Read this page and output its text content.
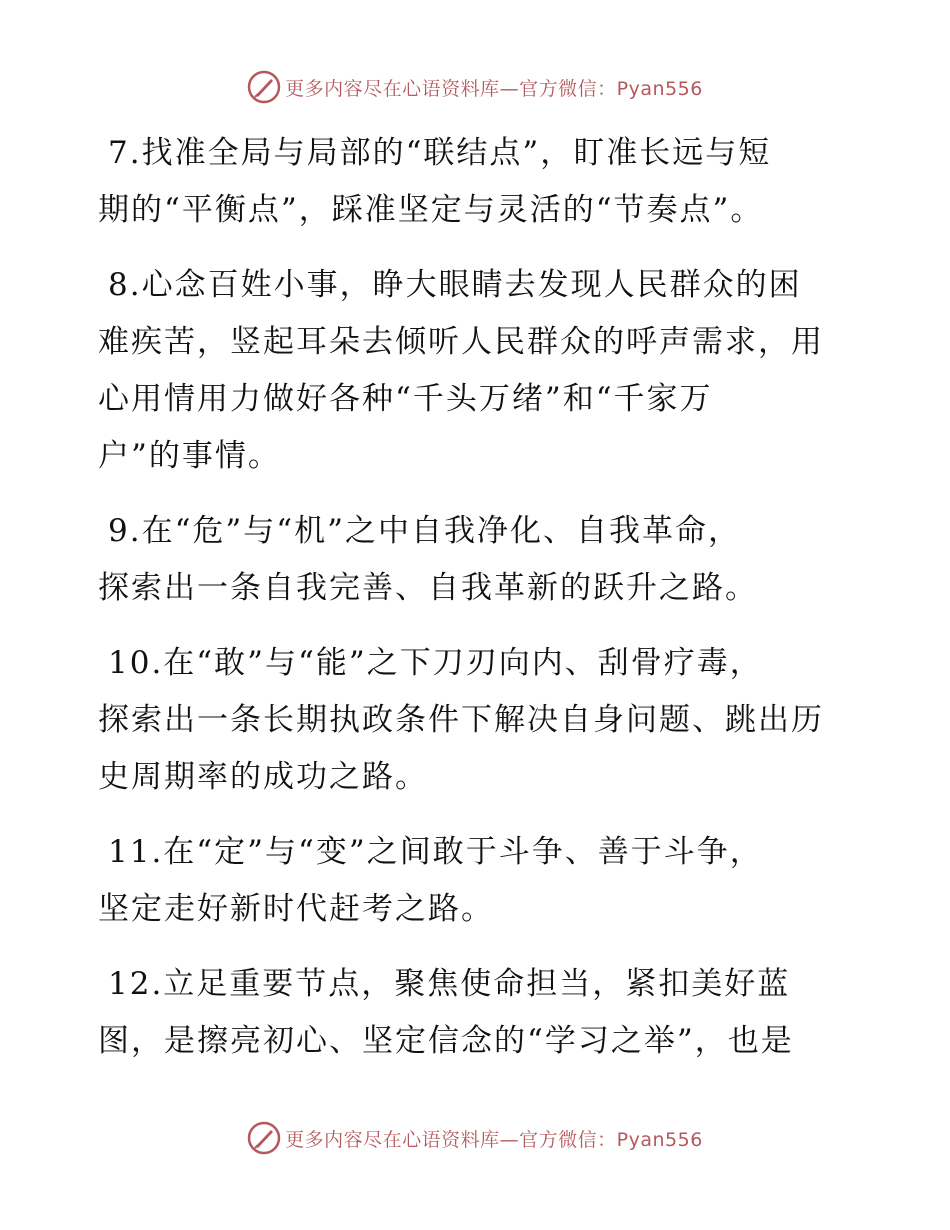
更多内容尽在心语资料库—官方微信：Pyan556

7.找准全局与局部的“联结点”，盯准长远与短
期的“平衡点”，踩准坚定与灵活的“节奏点”。

8.心念百姓小事，睁大眼睛去发现人民群众的困
难疾苦，竖起耳朵去倾听人民群众的呼声需求，用
心用情用力做好各种“千头万绪”和“千家万
户”的事情。

9.在“危”与“机”之中自我净化、自我革命，
探索出一条自我完善、自我革新的跃升之路。

10.在“敢”与“能”之下刀刃向内、刮骨疗毒，
探索出一条长期执政条件下解决自身问题、跳出历
史周期率的成功之路。

11.在“定”与“变”之间敢于斗争、善于斗争，
坚定走好新时代赶考之路。

12.立足重要节点，聚焦使命担当，紧扣美好蓝
图，是擦亮初心、坚定信念的“学习之举”，也是

更多内容尽在心语资料库—官方微信：Pyan556
